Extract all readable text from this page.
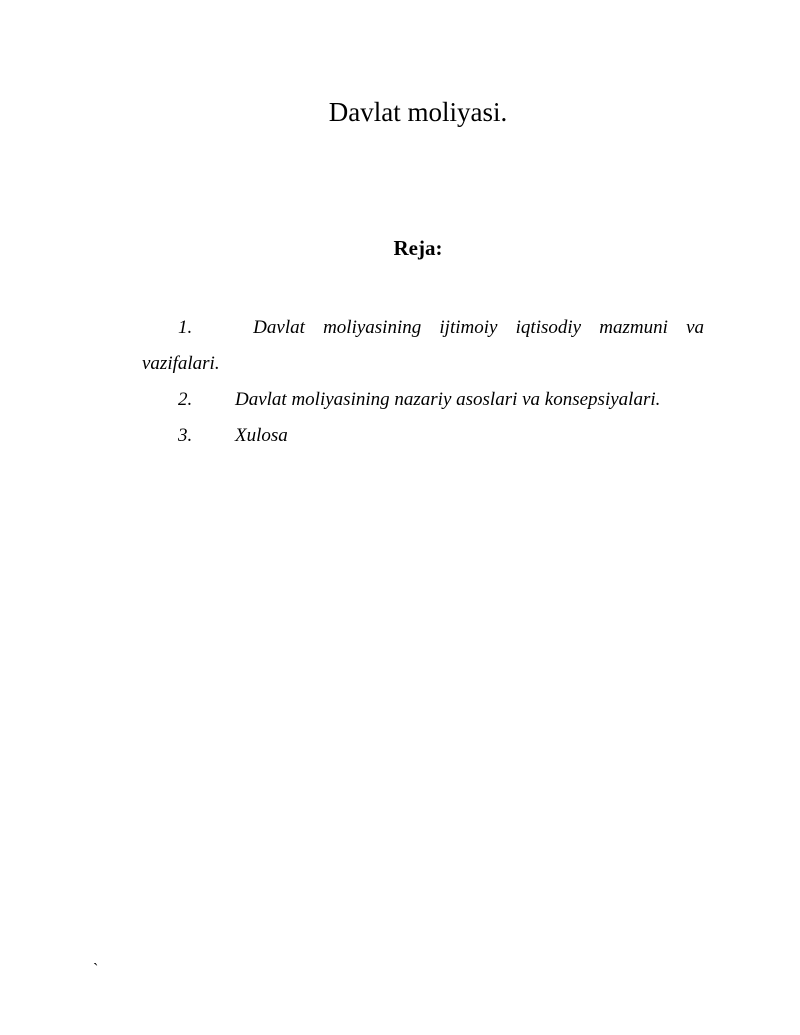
Davlat moliyasi.
Reja:
1.	Davlat moliyasining ijtimoiy iqtisodiy mazmuni va
vazifalari.
2.	Davlat moliyasining nazariy asoslari va konsepsiyalari.
3.	Xulosa
`
